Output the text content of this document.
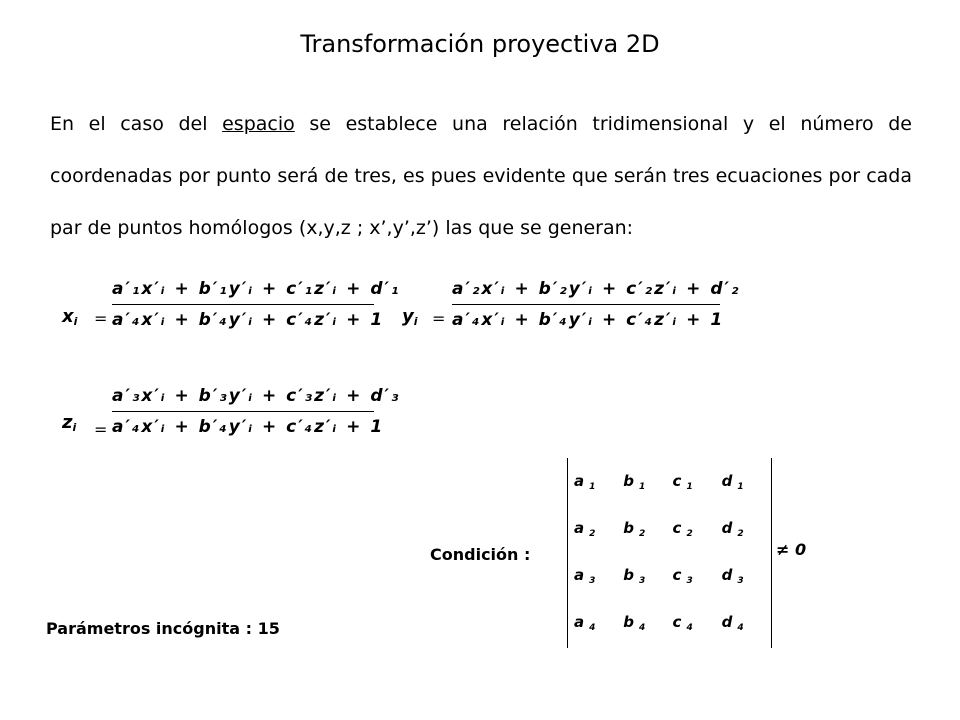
Transformación proyectiva 2D

En el caso del espacio se establece una relación tridimensional y el número de coordenadas por punto será de tres, es pues evidente que serán tres ecuaciones por cada par de puntos homólogos (x,y,z ; x’,y’,z’) las que se generan:

$x_i$ =
a′₁x′ᵢ + b′₁y′ᵢ + c′₁z′ᵢ + d′₁
a′₄x′ᵢ + b′₄y′ᵢ + c′₄z′ᵢ + 1 $y_i$ =
a′₂x′ᵢ + b′₂y′ᵢ + c′₂z′ᵢ + d′₂
a′₄x′ᵢ + b′₄y′ᵢ + c′₄z′ᵢ + 1
$z_i$ =
a′₃x′ᵢ + b′₃y′ᵢ + c′₃z′ᵢ + d′₃
a′₄x′ᵢ + b′₄y′ᵢ + c′₄z′ᵢ + 1
Condición :
a $_1$	b $_1$	c $_1$	d $_1$
a $_2$	b $_2$	c $_2$	d $_2$
a $_3$	b $_3$	c $_3$	d $_3$
a $_4$	b $_4$	c $_4$	d $_4$
≠ 0
Parámetros incógnita : 15
